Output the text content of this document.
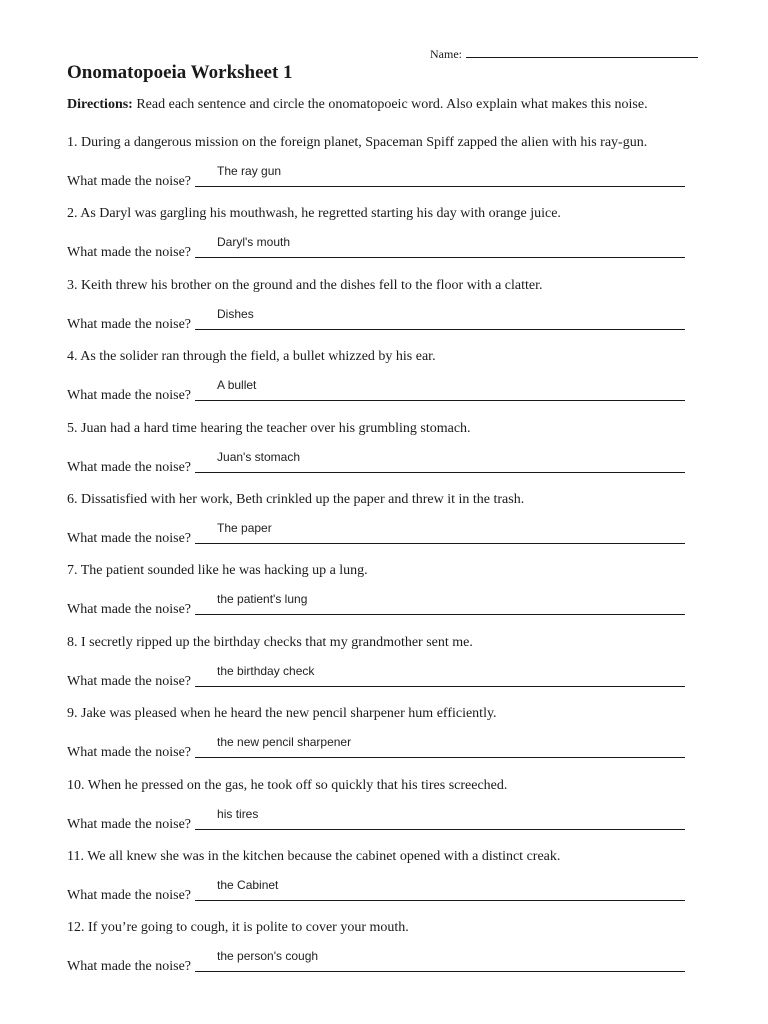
Name:
Onomatopoeia Worksheet 1
Directions: Read each sentence and circle the onomatopoeic word. Also explain what makes this noise.
1. During a dangerous mission on the foreign planet, Spaceman Spiff zapped the alien with his ray-gun.
What made the noise?
The ray gun
2. As Daryl was gargling his mouthwash, he regretted starting his day with orange juice.
What made the noise?
Daryl's mouth
3. Keith threw his brother on the ground and the dishes fell to the floor with a clatter.
What made the noise?
Dishes
4. As the solider ran through the field, a bullet whizzed by his ear.
What made the noise?
A bullet
5. Juan had a hard time hearing the teacher over his grumbling stomach.
What made the noise?
Juan's stomach
6. Dissatisfied with her work, Beth crinkled up the paper and threw it in the trash.
What made the noise?
The paper
7. The patient sounded like he was hacking up a lung.
What made the noise?
the patient's lung
8. I secretly ripped up the birthday checks that my grandmother sent me.
What made the noise?
the birthday check
9. Jake was pleased when he heard the new pencil sharpener hum efficiently.
What made the noise?
the new pencil sharpener
10. When he pressed on the gas, he took off so quickly that his tires screeched.
What made the noise?
his tires
11. We all knew she was in the kitchen because the cabinet opened with a distinct creak.
What made the noise?
the Cabinet
12. If you’re going to cough, it is polite to cover your mouth.
What made the noise?
the person's cough
